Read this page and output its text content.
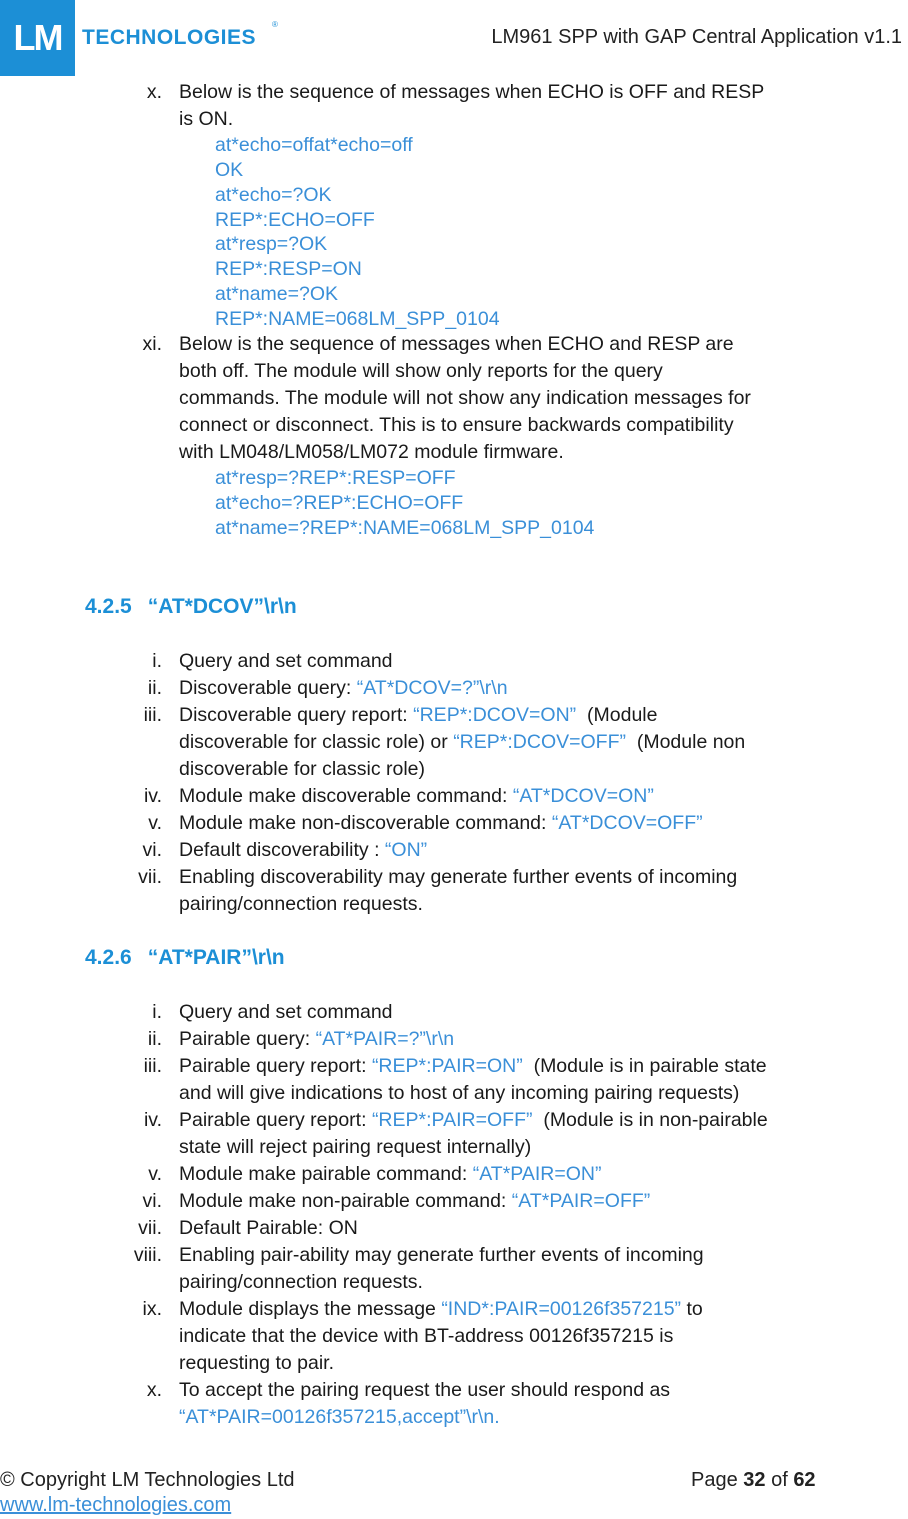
LM TECHNOLOGIES
®
LM961 SPP with GAP Central Application v1.1
x. Below is the sequence of messages when ECHO is OFF and RESP
is ON.
at*echo=offat*echo=off
OK
at*echo=?OK
REP*:ECHO=OFF
at*resp=?OK
REP*:RESP=ON
at*name=?OK
REP*:NAME=068LM_SPP_0104
xi. Below is the sequence of messages when ECHO and RESP are
both off. The module will show only reports for the query
commands. The module will not show any indication messages for
connect or disconnect. This is to ensure backwards compatibility
with LM048/LM058/LM072 module firmware.
at*resp=?REP*:RESP=OFF
at*echo=?REP*:ECHO=OFF
at*name=?REP*:NAME=068LM_SPP_0104
4.2.5 “AT*DCOV”\r\n
i. Query and set command
ii. Discoverable query: “AT*DCOV=?”\r\n
iii. Discoverable query report: “REP*:DCOV=ON”  (Module
discoverable for classic role) or “REP*:DCOV=OFF”  (Module non
discoverable for classic role)
iv. Module make discoverable command: “AT*DCOV=ON”
v. Module make non-discoverable command: “AT*DCOV=OFF”
vi. Default discoverability : “ON”
vii. Enabling discoverability may generate further events of incoming
pairing/connection requests.
4.2.6 “AT*PAIR”\r\n
i. Query and set command
ii. Pairable query: “AT*PAIR=?”\r\n
iii. Pairable query report: “REP*:PAIR=ON”  (Module is in pairable state
and will give indications to host of any incoming pairing requests)
iv. Pairable query report: “REP*:PAIR=OFF”  (Module is in non-pairable
state will reject pairing request internally)
v. Module make pairable command: “AT*PAIR=ON”
vi. Module make non-pairable command: “AT*PAIR=OFF”
vii. Default Pairable: ON
viii. Enabling pair-ability may generate further events of incoming
pairing/connection requests.
ix. Module displays the message “IND*:PAIR=00126f357215” to
indicate that the device with BT-address 00126f357215 is
requesting to pair.
x. To accept the pairing request the user should respond as
“AT*PAIR=00126f357215,accept”\r\n.
© Copyright LM Technologies Ltd
www.lm-technologies.com
Page 32 of 62
